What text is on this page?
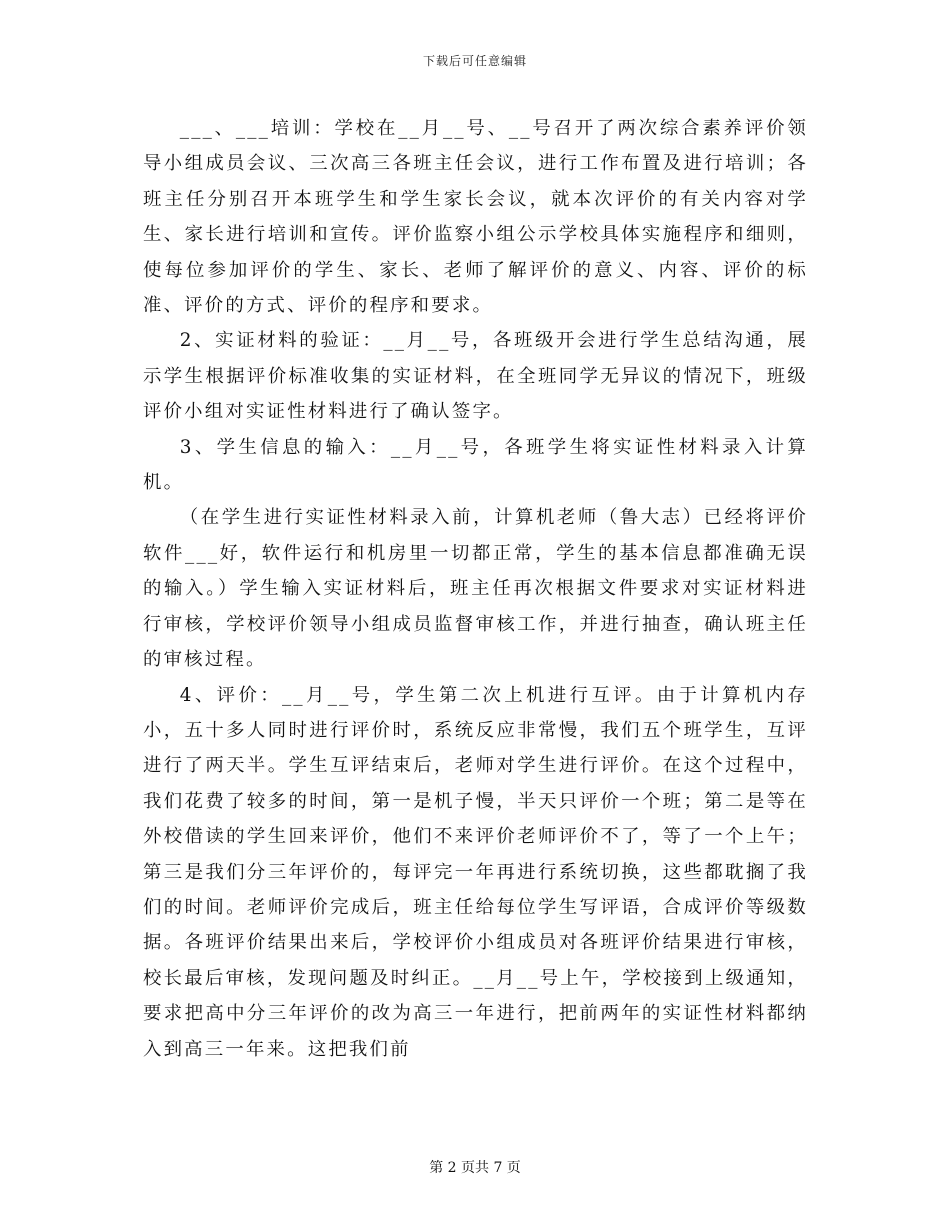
下载后可任意编辑

___、___培训：学校在__月__号、__号召开了两次综合素养评价领导小组成员会议、三次高三各班主任会议，进行工作布置及进行培训；各班主任分别召开本班学生和学生家长会议，就本次评价的有关内容对学生、家长进行培训和宣传。评价监察小组公示学校具体实施程序和细则，使每位参加评价的学生、家长、老师了解评价的意义、内容、评价的标准、评价的方式、评价的程序和要求。

2、实证材料的验证：__月__号，各班级开会进行学生总结沟通，展示学生根据评价标准收集的实证材料，在全班同学无异议的情况下，班级评价小组对实证性材料进行了确认签字。

3、学生信息的输入：__月__号，各班学生将实证性材料录入计算机。

（在学生进行实证性材料录入前，计算机老师（鲁大志）已经将评价软件___好，软件运行和机房里一切都正常，学生的基本信息都准确无误的输入。）学生输入实证材料后，班主任再次根据文件要求对实证材料进行审核，学校评价领导小组成员监督审核工作，并进行抽查，确认班主任的审核过程。

4、评价：__月__号，学生第二次上机进行互评。由于计算机内存小，五十多人同时进行评价时，系统反应非常慢，我们五个班学生，互评进行了两天半。学生互评结束后，老师对学生进行评价。在这个过程中，我们花费了较多的时间，第一是机子慢，半天只评价一个班；第二是等在外校借读的学生回来评价，他们不来评价老师评价不了，等了一个上午；第三是我们分三年评价的，每评完一年再进行系统切换，这些都耽搁了我们的时间。老师评价完成后，班主任给每位学生写评语，合成评价等级数据。各班评价结果出来后，学校评价小组成员对各班评价结果进行审核，校长最后审核，发现问题及时纠正。__月__号上午，学校接到上级通知，要求把高中分三年评价的改为高三一年进行，把前两年的实证性材料都纳入到高三一年来。这把我们前

第 2 页共 7 页
